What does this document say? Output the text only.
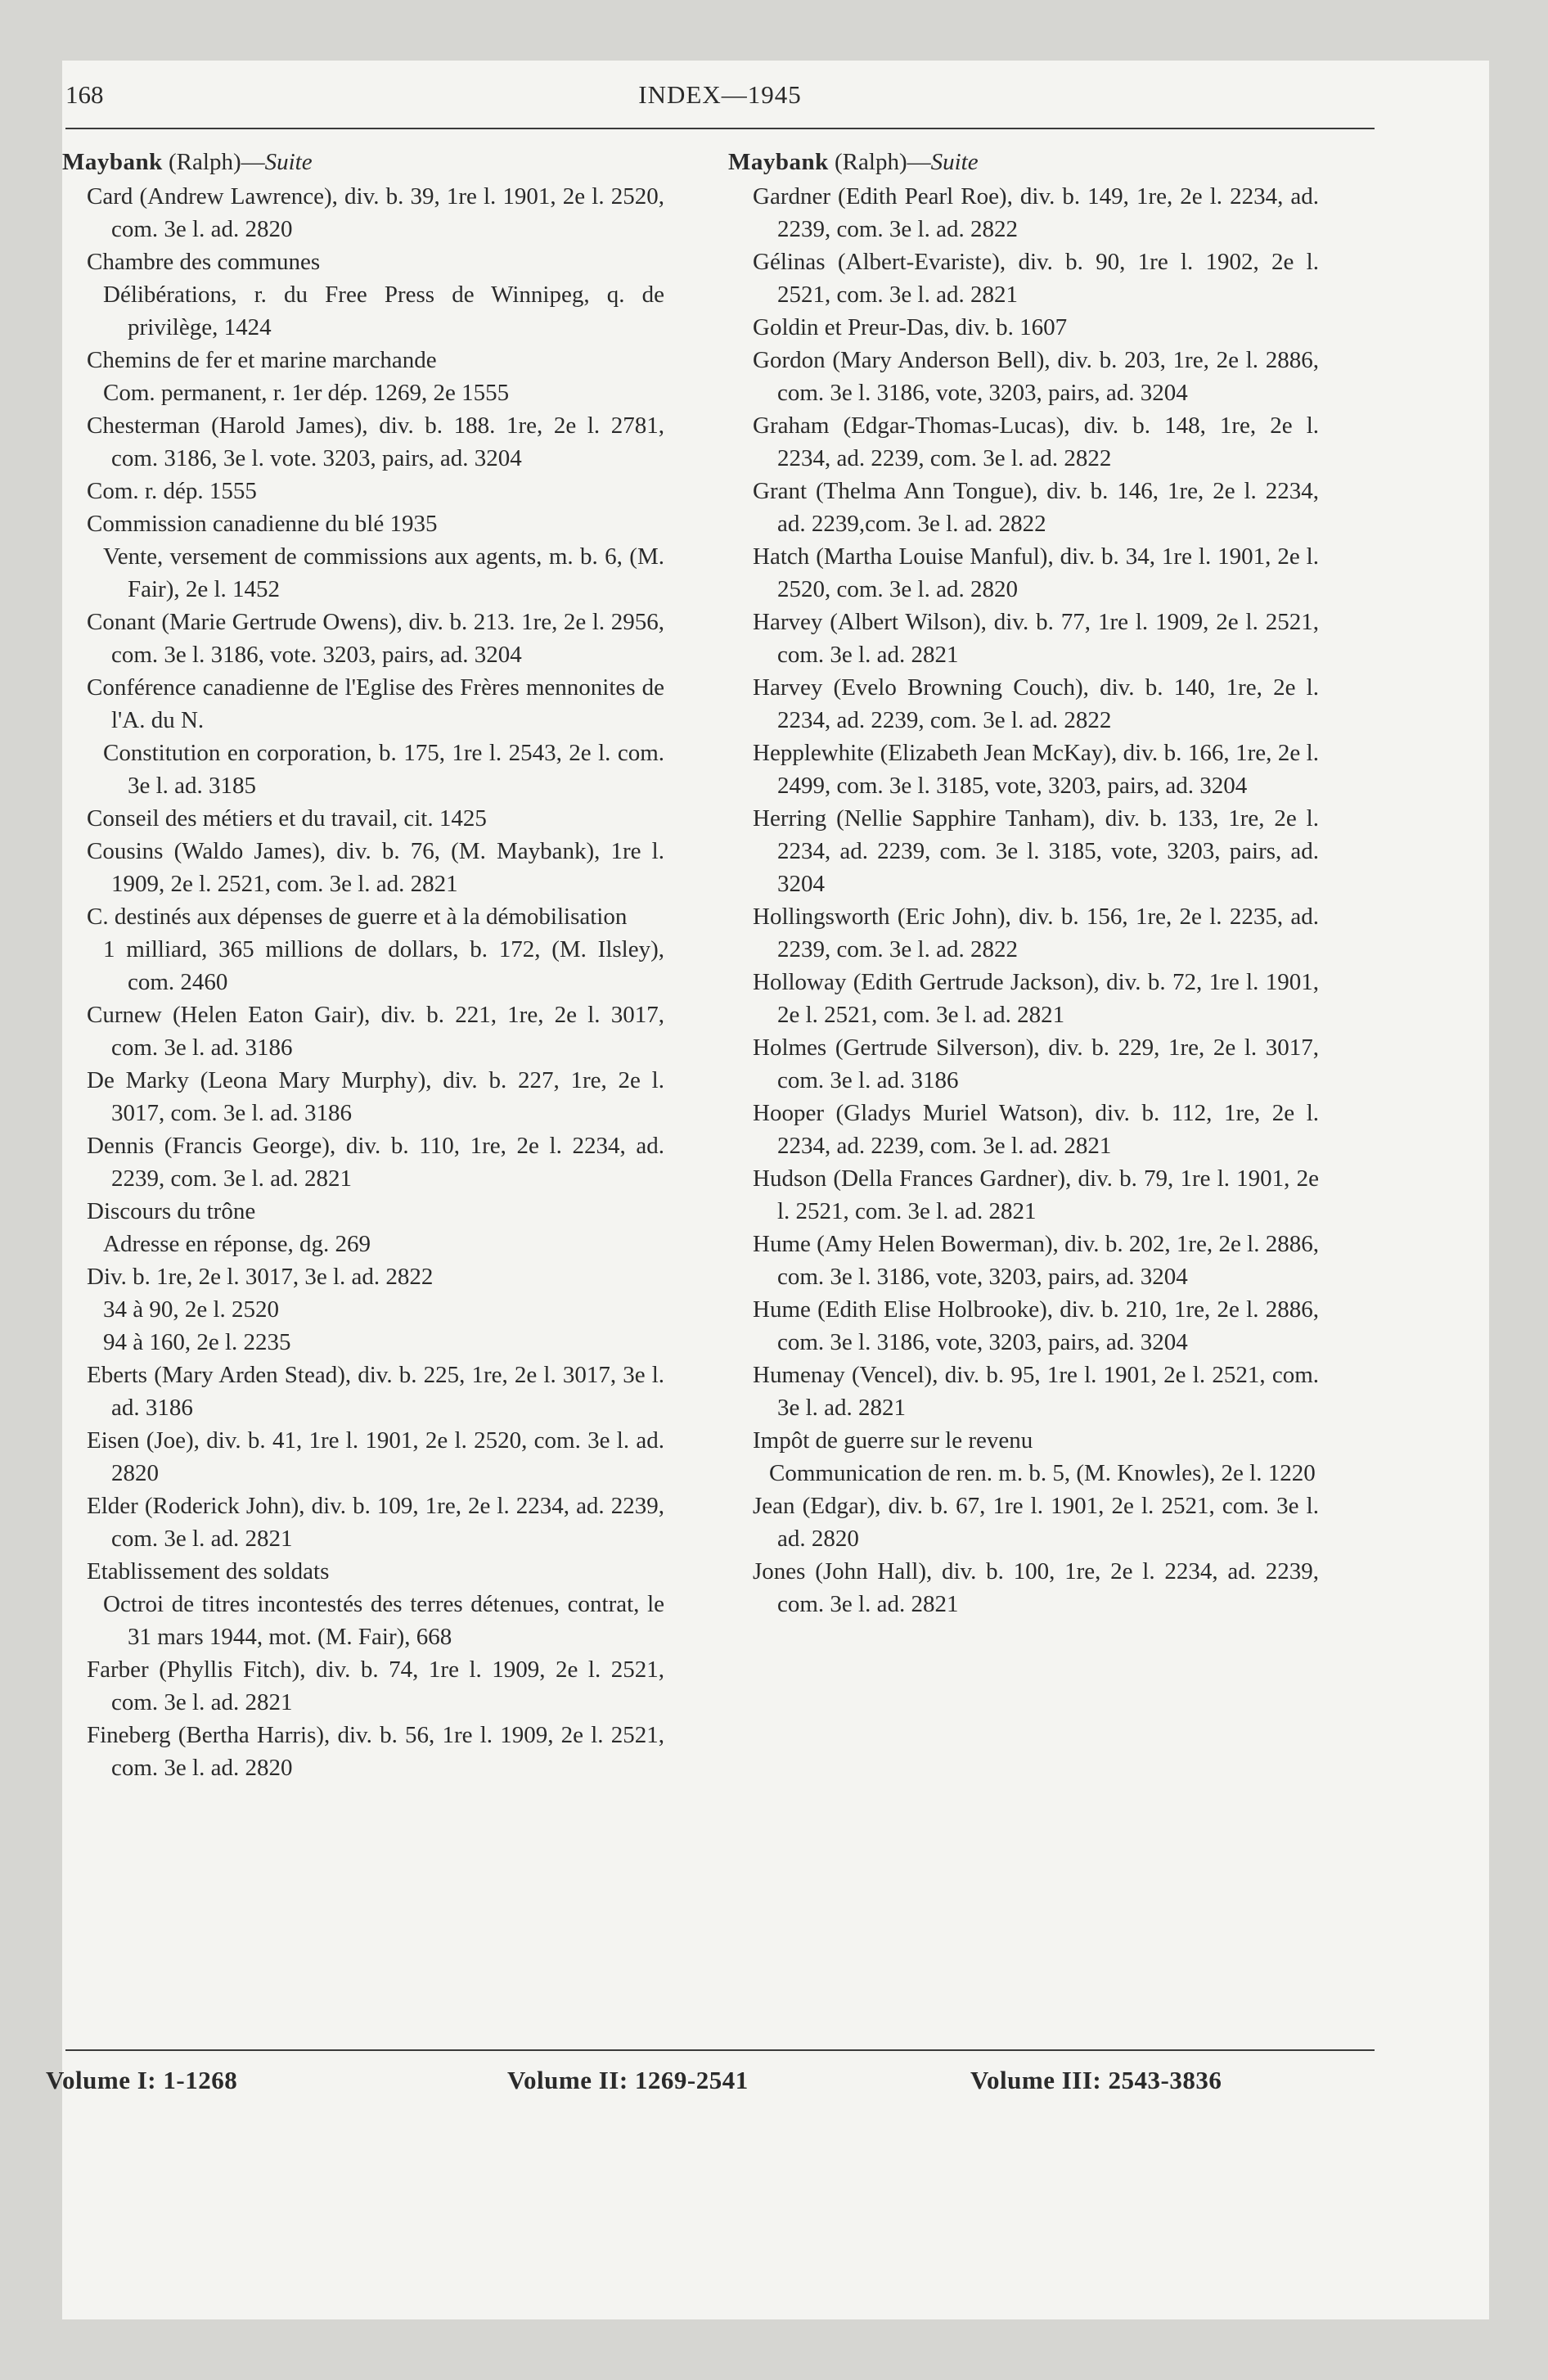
168	INDEX—1945
Maybank (Ralph)—Suite
Card (Andrew Lawrence), div. b. 39, 1re l. 1901, 2e l. 2520, com. 3e l. ad. 2820
Chambre des communes
Délibérations, r. du Free Press de Winnipeg, q. de privilège, 1424
Chemins de fer et marine marchande
Com. permanent, r. 1er dép. 1269, 2e 1555
Chesterman (Harold James), div. b. 188. 1re, 2e l. 2781, com. 3186, 3e l. vote. 3203, pairs, ad. 3204
Com. r. dép. 1555
Commission canadienne du blé 1935
Vente, versement de commissions aux agents, m. b. 6, (M. Fair), 2e l. 1452
Conant (Marie Gertrude Owens), div. b. 213. 1re, 2e l. 2956, com. 3e l. 3186, vote. 3203, pairs, ad. 3204
Conférence canadienne de l'Eglise des Frères mennonites de l'A. du N.
Constitution en corporation, b. 175, 1re l. 2543, 2e l. com. 3e l. ad. 3185
Conseil des métiers et du travail, cit. 1425
Cousins (Waldo James), div. b. 76, (M. Maybank), 1re l. 1909, 2e l. 2521, com. 3e l. ad. 2821
C. destinés aux dépenses de guerre et à la démobilisation
1 milliard, 365 millions de dollars, b. 172, (M. Ilsley), com. 2460
Curnew (Helen Eaton Gair), div. b. 221, 1re, 2e l. 3017, com. 3e l. ad. 3186
De Marky (Leona Mary Murphy), div. b. 227, 1re, 2e l. 3017, com. 3e l. ad. 3186
Dennis (Francis George), div. b. 110, 1re, 2e l. 2234, ad. 2239, com. 3e l. ad. 2821
Discours du trône
Adresse en réponse, dg. 269
Div. b. 1re, 2e l. 3017, 3e l. ad. 2822
34 à 90, 2e l. 2520
94 à 160, 2e l. 2235
Eberts (Mary Arden Stead), div. b. 225, 1re, 2e l. 3017, 3e l. ad. 3186
Eisen (Joe), div. b. 41, 1re l. 1901, 2e l. 2520, com. 3e l. ad. 2820
Elder (Roderick John), div. b. 109, 1re, 2e l. 2234, ad. 2239, com. 3e l. ad. 2821
Etablissement des soldats
Octroi de titres incontestés des terres détenues, contrat, le 31 mars 1944, mot. (M. Fair), 668
Farber (Phyllis Fitch), div. b. 74, 1re l. 1909, 2e l. 2521, com. 3e l. ad. 2821
Fineberg (Bertha Harris), div. b. 56, 1re l. 1909, 2e l. 2521, com. 3e l. ad. 2820
Maybank (Ralph)—Suite
Gardner (Edith Pearl Roe), div. b. 149, 1re, 2e l. 2234, ad. 2239, com. 3e l. ad. 2822
Gélinas (Albert-Evariste), div. b. 90, 1re l. 1902, 2e l. 2521, com. 3e l. ad. 2821
Goldin et Preur-Das, div. b. 1607
Gordon (Mary Anderson Bell), div. b. 203, 1re, 2e l. 2886, com. 3e l. 3186, vote, 3203, pairs, ad. 3204
Graham (Edgar-Thomas-Lucas), div. b. 148, 1re, 2e l. 2234, ad. 2239, com. 3e l. ad. 2822
Grant (Thelma Ann Tongue), div. b. 146, 1re, 2e l. 2234, ad. 2239,com. 3e l. ad. 2822
Hatch (Martha Louise Manful), div. b. 34, 1re l. 1901, 2e l. 2520, com. 3e l. ad. 2820
Harvey (Albert Wilson), div. b. 77, 1re l. 1909, 2e l. 2521, com. 3e l. ad. 2821
Harvey (Evelo Browning Couch), div. b. 140, 1re, 2e l. 2234, ad. 2239, com. 3e l. ad. 2822
Hepplewhite (Elizabeth Jean McKay), div. b. 166, 1re, 2e l. 2499, com. 3e l. 3185, vote, 3203, pairs, ad. 3204
Herring (Nellie Sapphire Tanham), div. b. 133, 1re, 2e l. 2234, ad. 2239, com. 3e l. 3185, vote, 3203, pairs, ad. 3204
Hollingsworth (Eric John), div. b. 156, 1re, 2e l. 2235, ad. 2239, com. 3e l. ad. 2822
Holloway (Edith Gertrude Jackson), div. b. 72, 1re l. 1901, 2e l. 2521, com. 3e l. ad. 2821
Holmes (Gertrude Silverson), div. b. 229, 1re, 2e l. 3017, com. 3e l. ad. 3186
Hooper (Gladys Muriel Watson), div. b. 112, 1re, 2e l. 2234, ad. 2239, com. 3e l. ad. 2821
Hudson (Della Frances Gardner), div. b. 79, 1re l. 1901, 2e l. 2521, com. 3e l. ad. 2821
Hume (Amy Helen Bowerman), div. b. 202, 1re, 2e l. 2886, com. 3e l. 3186, vote, 3203, pairs, ad. 3204
Hume (Edith Elise Holbrooke), div. b. 210, 1re, 2e l. 2886, com. 3e l. 3186, vote, 3203, pairs, ad. 3204
Humenay (Vencel), div. b. 95, 1re l. 1901, 2e l. 2521, com. 3e l. ad. 2821
Impôt de guerre sur le revenu
Communication de ren. m. b. 5, (M. Knowles), 2e l. 1220
Jean (Edgar), div. b. 67, 1re l. 1901, 2e l. 2521, com. 3e l. ad. 2820
Jones (John Hall), div. b. 100, 1re, 2e l. 2234, ad. 2239, com. 3e l. ad. 2821
Volume I: 1-1268	Volume II: 1269-2541	Volume III: 2543-3836
